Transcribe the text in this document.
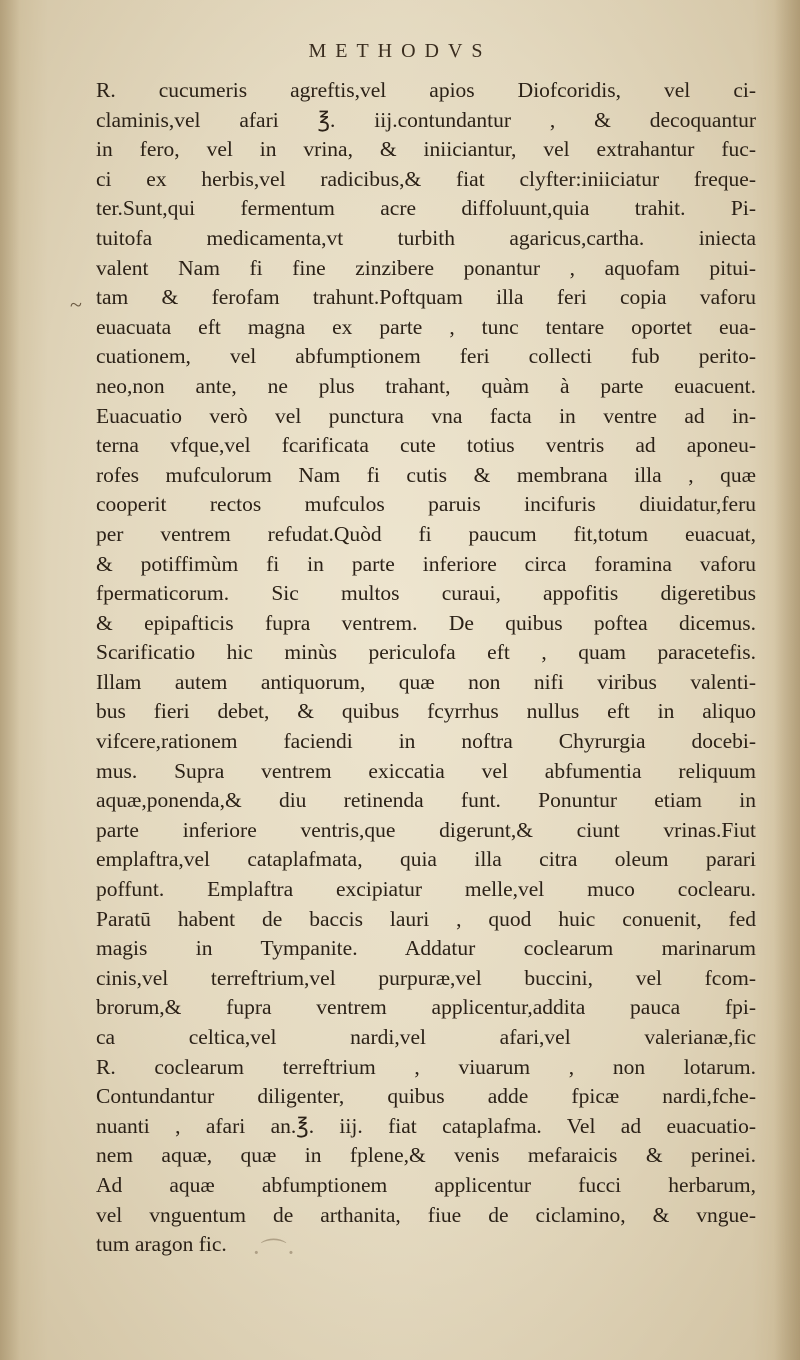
METHODVS
~
R. cucumeris agreftis,vel apios Diofcoridis, vel ci-
claminis,vel afari ℥. iij.contundantur , & decoquantur
in fero, vel in vrina, & iniiciantur, vel extrahantur fuc-
ci ex herbis,vel radicibus,& fiat clyfter:iniiciatur freque-
ter.Sunt,qui fermentum acre diffoluunt,quia trahit. Pi-
tuitofa medicamenta,vt turbith agaricus,cartha. iniecta
valent Nam fi fine zinzibere ponantur , aquofam pitui-
tam & ferofam trahunt.Poftquam illa feri copia vaforu
euacuata eft magna ex parte , tunc tentare oportet eua-
cuationem, vel abfumptionem feri collecti fub perito-
neo,non ante, ne plus trahant, quàm à parte euacuent.
Euacuatio verò vel punctura vna facta in ventre ad in-
terna vfque,vel fcarificata cute totius ventris ad aponeu-
rofes mufculorum Nam fi cutis & membrana illa , quæ
cooperit rectos mufculos paruis incifuris diuidatur,feru
per ventrem refudat.Quòd fi paucum fit,totum euacuat,
& potiffimùm fi in parte inferiore circa foramina vaforu
fpermaticorum. Sic multos curaui, appofitis digeretibus
& epipafticis fupra ventrem. De quibus poftea dicemus.
Scarificatio hic minùs periculofa eft , quam paracetefis.
Illam autem antiquorum, quæ non nifi viribus valenti-
bus fieri debet, & quibus fcyrrhus nullus eft in aliquo
vifcere,rationem faciendi in noftra Chyrurgia docebi-
mus. Supra ventrem exiccatia vel abfumentia reliquum
aquæ,ponenda,& diu retinenda funt. Ponuntur etiam in
parte inferiore ventris,que digerunt,& ciunt vrinas.Fiut
emplaftra,vel cataplafmata, quia illa citra oleum parari
poffunt. Emplaftra excipiatur melle,vel muco coclearu.
Paratū habent de baccis lauri , quod huic conuenit, fed
magis in Tympanite. Addatur coclearum marinarum
cinis,vel terreftrium,vel purpuræ,vel buccini, vel fcom-
brorum,& fupra ventrem applicentur,addita pauca fpi-
ca celtica,vel nardi,vel afari,vel valerianæ,fic
R. coclearum terreftrium , viuarum , non lotarum.
Contundantur diligenter, quibus adde fpicæ nardi,fche-
nuanti , afari an.℥. iij. fiat cataplafma. Vel ad euacuatio-
nem aquæ, quæ in fplene,& venis mefaraicis & perinei.
Ad aquæ abfumptionem applicentur fucci herbarum,
vel vnguentum de arthanita, fiue de ciclamino, & vngue-
tum aragon fic. ·⌒·
